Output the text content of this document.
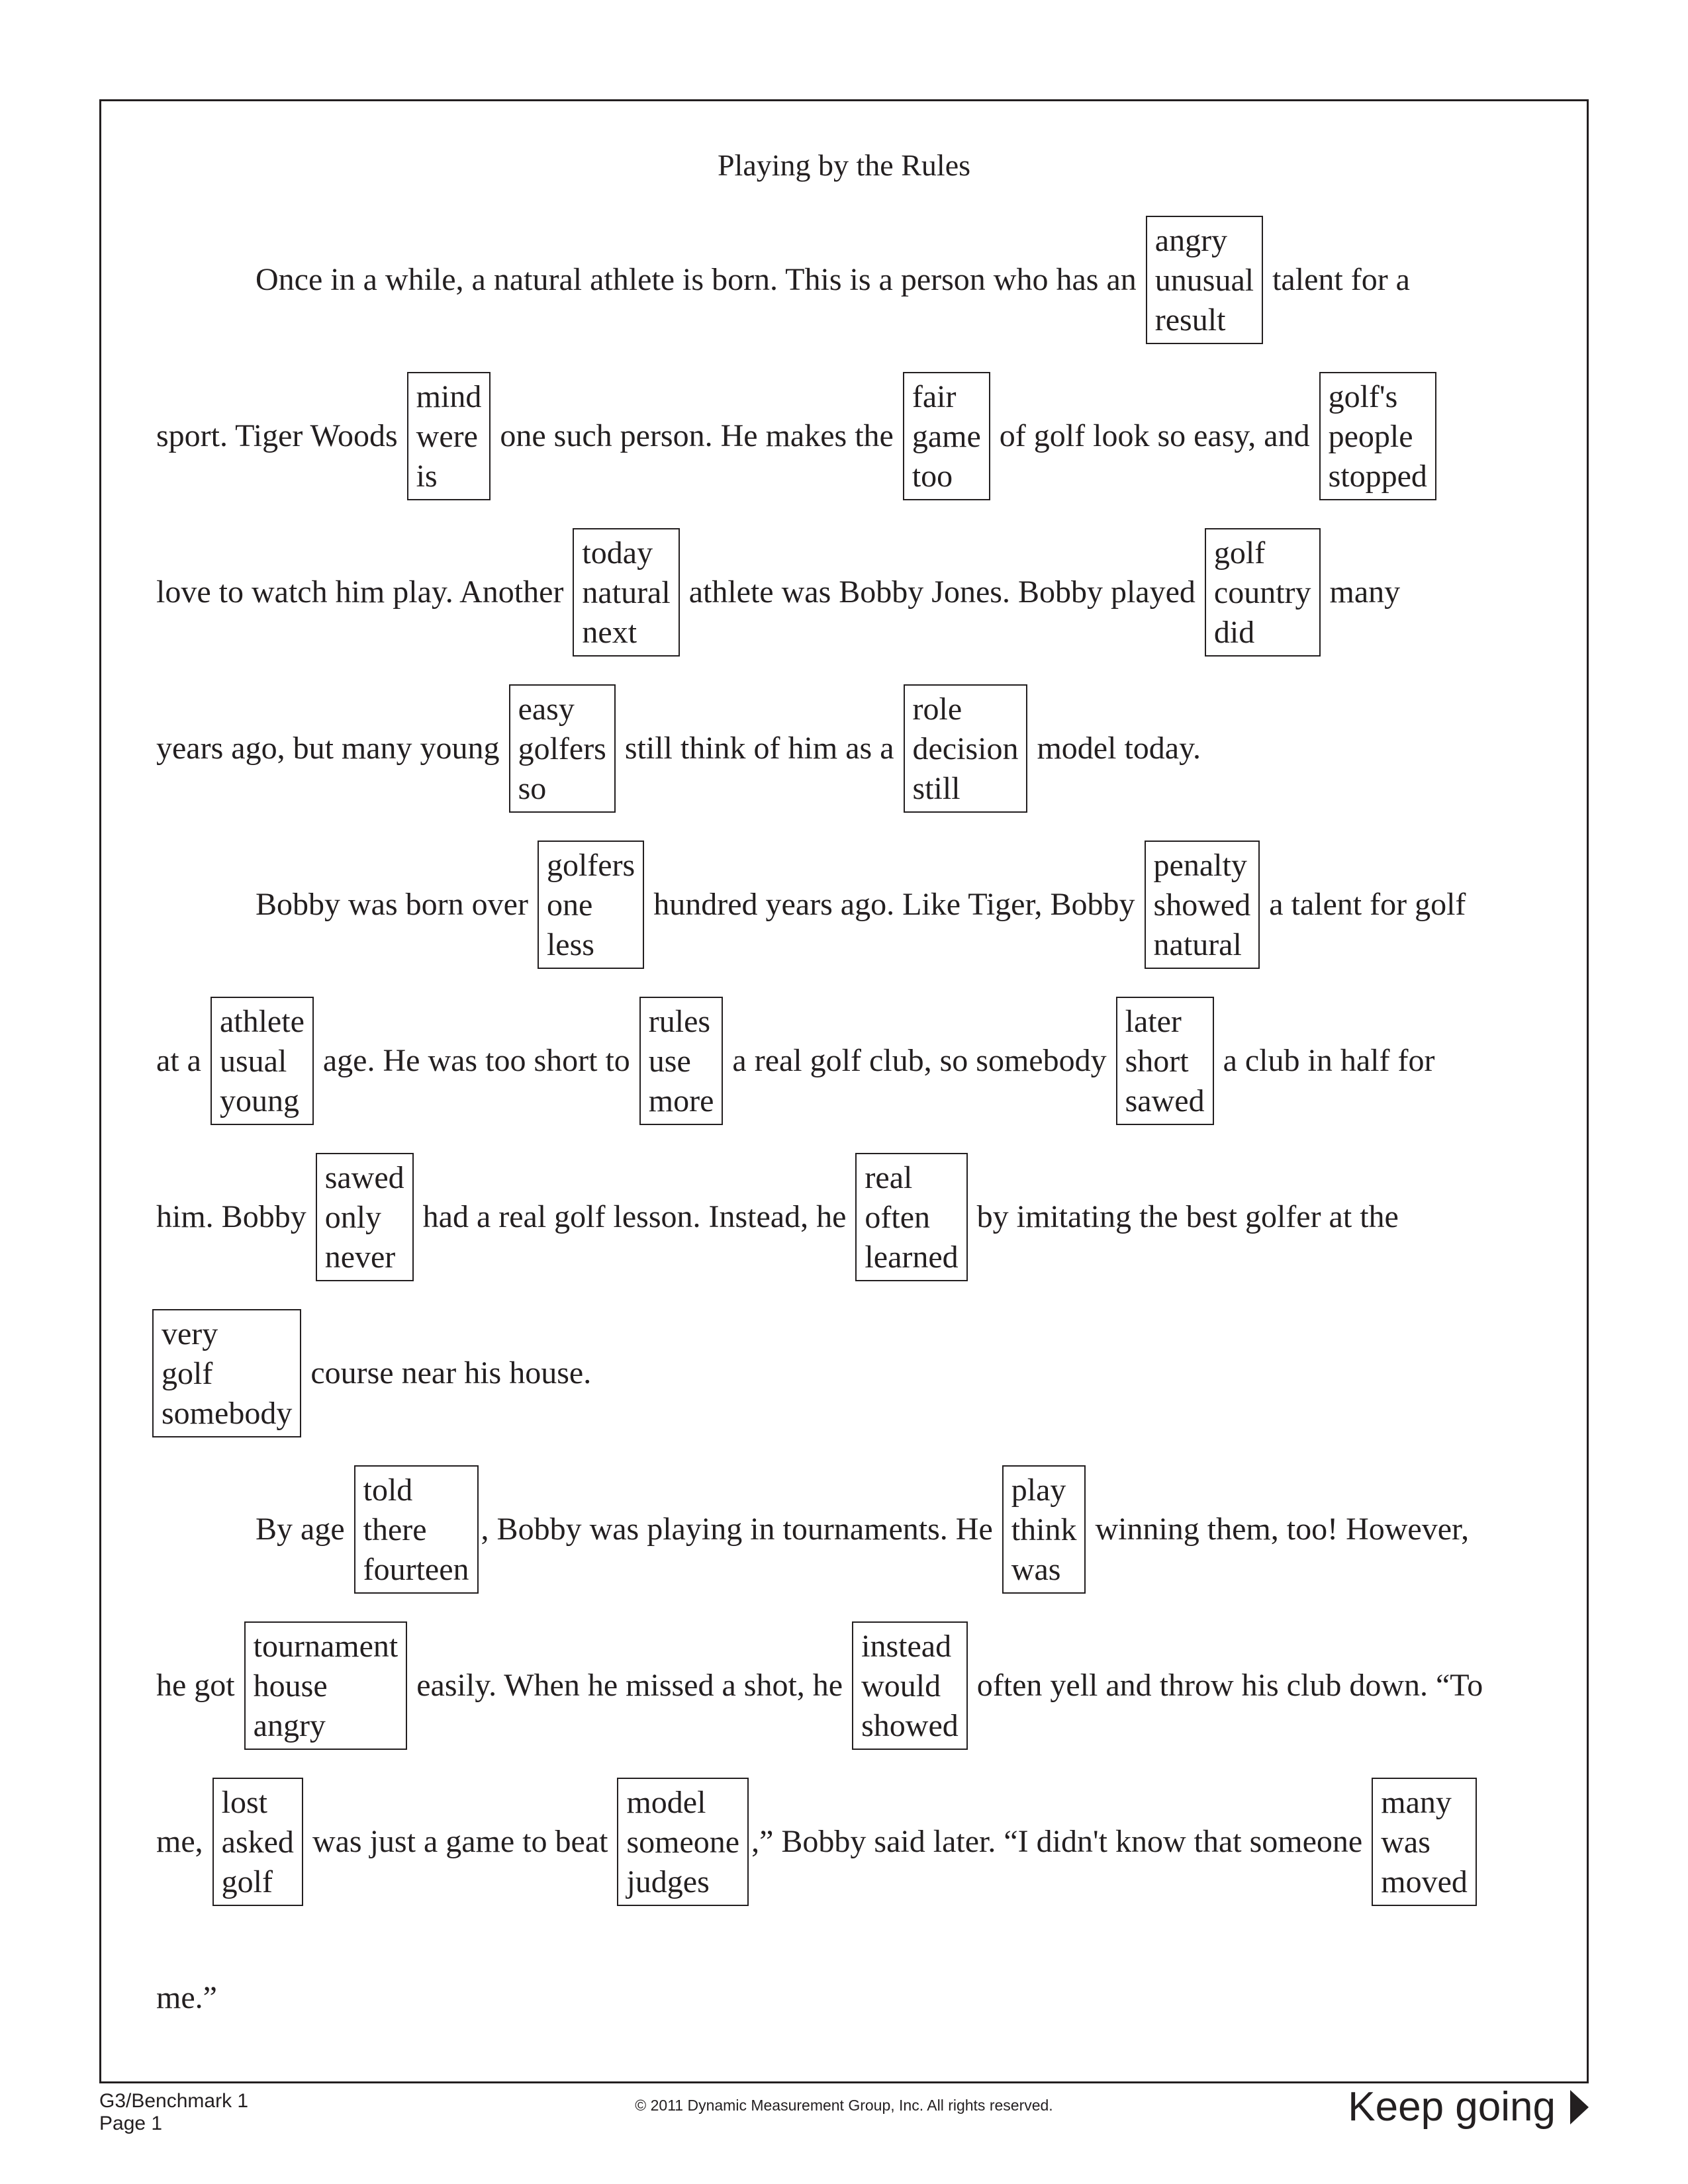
Playing by the Rules
Once in a while, a natural athlete is born. This is a person who has an
angry
unusual
result
talent for a
sport. Tiger Woods
mind
were
is
one such person. He makes the
fair
game
too
of golf look so easy, and
golf's
people
stopped
love to watch him play. Another
today
natural
next
athlete was Bobby Jones. Bobby played
golf
country
did
many
years ago, but many young
easy
golfers
so
still think of him as a
role
decision
still
model today.
Bobby was born over
golfers
one
less
hundred years ago. Like Tiger, Bobby
penalty
showed
natural
a talent for golf
at a
athlete
usual
young
age. He was too short to
rules
use
more
a real golf club, so somebody
later
short
sawed
a club in half for
him. Bobby
sawed
only
never
had a real golf lesson. Instead, he
real
often
learned
by imitating the best golfer at the
very
golf
somebody
course near his house.
By age
told
there
fourteen
, Bobby was playing in tournaments. He
play
think
was
winning them, too! However,
he got
tournament
house
angry
easily. When he missed a shot, he
instead
would
showed
often yell and throw his club down. “To
me,
lost
asked
golf
was just a game to beat
model
someone
judges
,” Bobby said later. “I didn't know that someone
many
was
moved
me.”
G3/Benchmark 1
Page 1
© 2011 Dynamic Measurement Group, Inc. All rights reserved.	Keep going
